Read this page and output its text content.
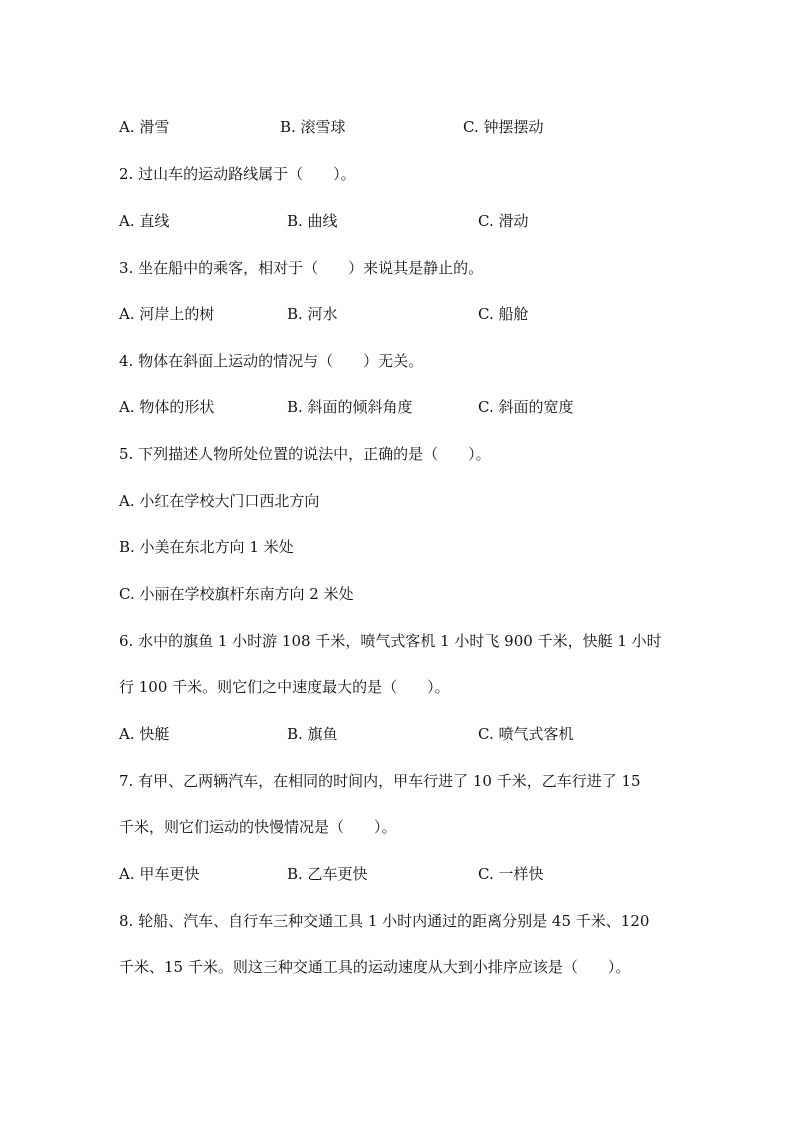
A. 滑雪	B. 滚雪球	C. 钟摆摆动
2. 过山车的运动路线属于（　　）。
A. 直线	B. 曲线	C. 滑动
3. 坐在船中的乘客，相对于（　　）来说其是静止的。
A. 河岸上的树	B. 河水	C. 船舱
4. 物体在斜面上运动的情况与（　　）无关。
A. 物体的形状	B. 斜面的倾斜角度	C. 斜面的宽度
5. 下列描述人物所处位置的说法中，正确的是（　　）。
A. 小红在学校大门口西北方向
B. 小美在东北方向 1 米处
C. 小丽在学校旗杆东南方向 2 米处
6. 水中的旗鱼 1 小时游 108 千米，喷气式客机 1 小时飞 900 千米，快艇 1 小时
行 100 千米。则它们之中速度最大的是（　　）。
A. 快艇	B. 旗鱼	C. 喷气式客机
7. 有甲、乙两辆汽车，在相同的时间内，甲车行进了 10 千米，乙车行进了 15
千米，则它们运动的快慢情况是（　　）。
A. 甲车更快	B. 乙车更快	C. 一样快
8. 轮船、汽车、自行车三种交通工具 1 小时内通过的距离分别是 45 千米、120
千米、15 千米。则这三种交通工具的运动速度从大到小排序应该是（　　）。
